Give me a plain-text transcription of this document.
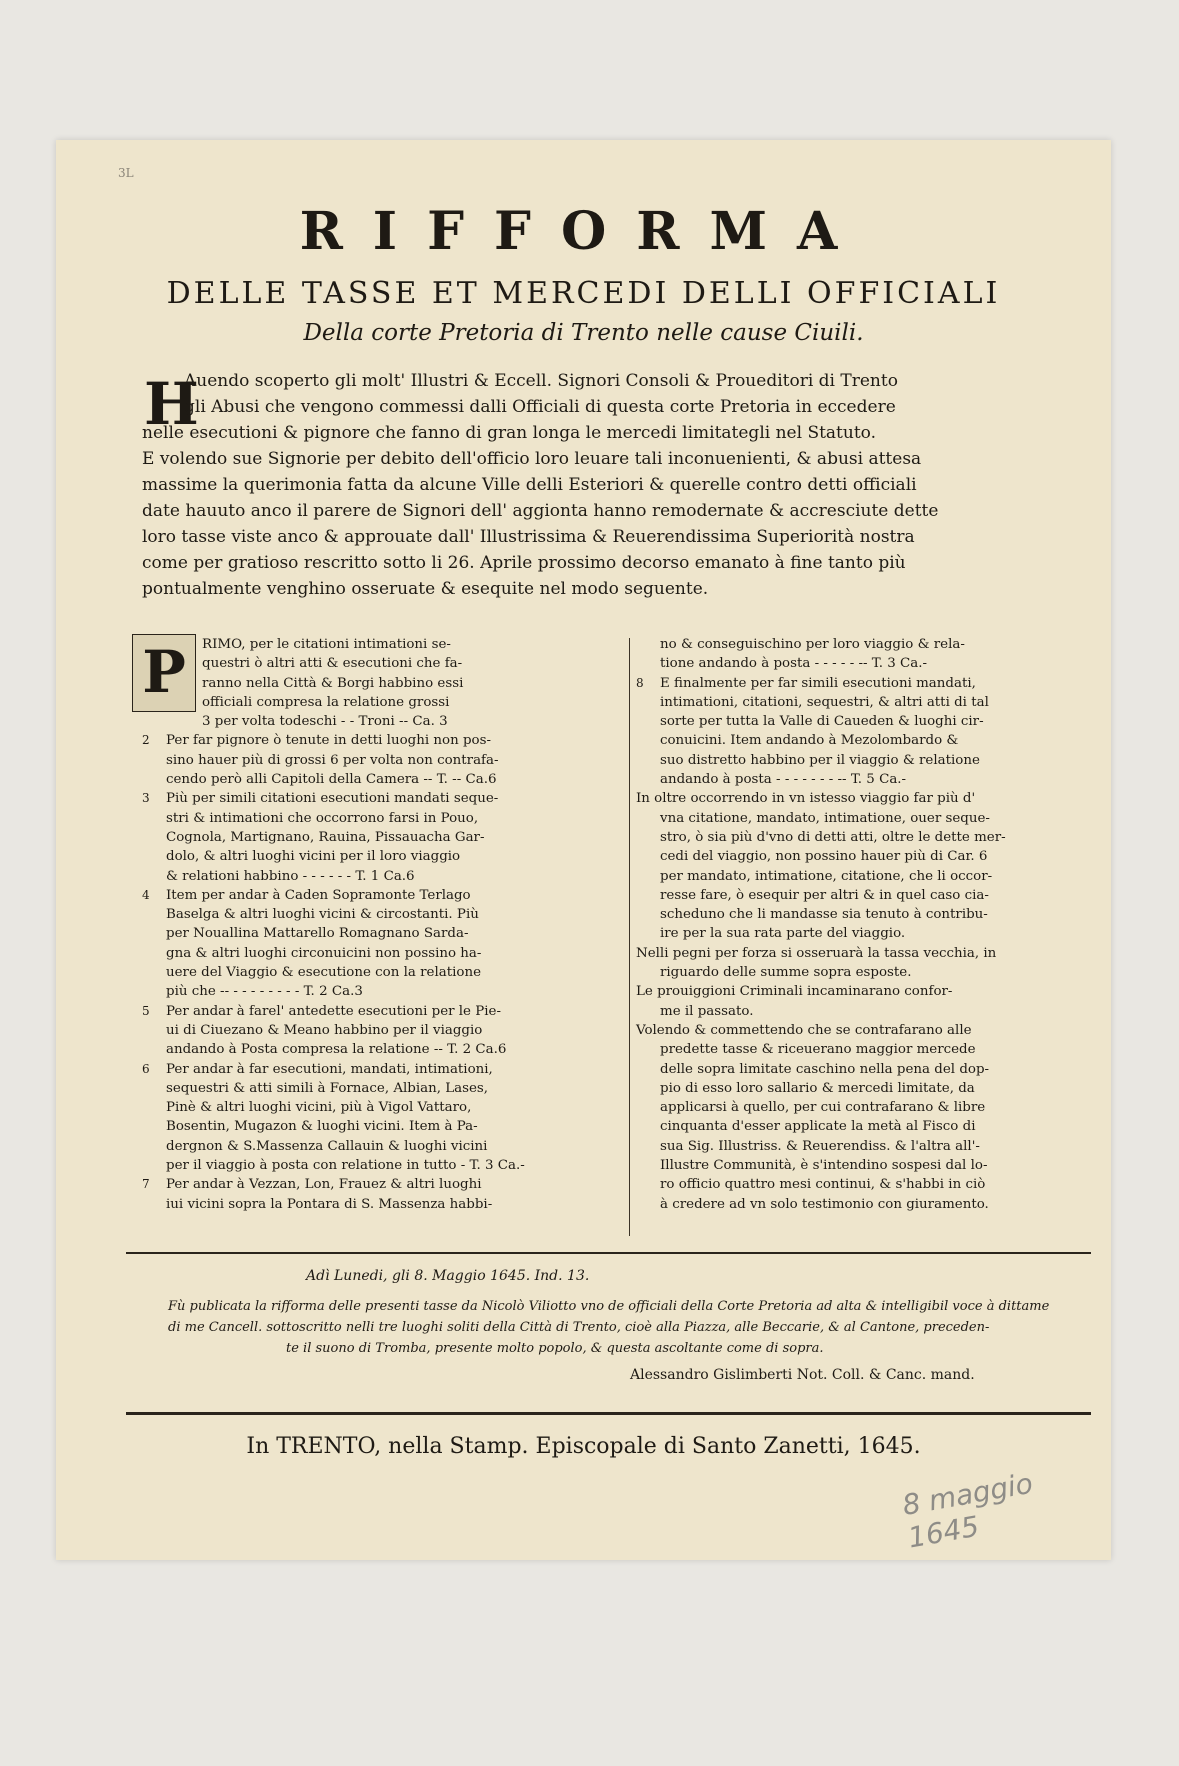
3L
RIFFORMA
DELLE TASSE ET MERCEDI DELLI OFFICIALI
Della corte Pretoria di Trento nelle cause Ciuili.
H

Auendo scoperto gli molt' Illustri & Eccell. Signori Consoli & Proueditori di Trento

gli Abusi che vengono commessi dalli Officiali di questa corte Pretoria in eccedere

nelle esecutioni & pignore che fanno di gran longa le mercedi limitategli nel Statuto.

E volendo sue Signorie per debito dell'officio loro leuare tali inconuenienti, & abusi attesa

massime la querimonia fatta da alcune Ville delli Esteriori & querelle contro detti officiali

date hauuto anco il parere de Signori dell' aggionta hanno remodernate & accresciute dette

loro tasse viste anco & approuate dall' Illustrissima & Reuerendissima Superiorità nostra

come per gratioso rescritto sotto li 26. Aprile prossimo decorso emanato à fine tanto più

pontualmente venghino osseruate & esequite nel modo seguente.

P	RIMO, per le citationi intimationi se-

questri ò altri atti & esecutioni che fa-

ranno nella Città & Borgi habbino essi

officiali compresa la relatione grossi

3 per volta todeschi - - Troni -- Ca. 3

2 Per far pignore ò tenute in detti luoghi non pos-

sino hauer più di grossi 6 per volta non contrafa-

cendo però alli Capitoli della Camera -- T. -- Ca.6

3 Più per simili citationi esecutioni mandati seque-

stri & intimationi che occorrono farsi in Pouo,

Cognola, Martignano, Rauina, Pissauacha Gar-

dolo, & altri luoghi vicini per il loro viaggio

& relationi habbino - - - - - - T. 1 Ca.6

4 Item per andar à Caden Sopramonte Terlago

Baselga & altri luoghi vicini & circostanti. Più

per Nouallina Mattarello Romagnano Sarda-

gna & altri luoghi circonuicini non possino ha-

uere del Viaggio & esecutione con la relatione

più che -- - - - - - - - - T. 2 Ca.3

5 Per andar à farel' antedette esecutioni per le Pie-

ui di Ciuezano & Meano habbino per il viaggio

andando à Posta compresa la relatione -- T. 2 Ca.6

6 Per andar à far esecutioni, mandati, intimationi,

sequestri & atti simili à Fornace, Albian, Lases,

Pinè & altri luoghi vicini, più à Vigol Vattaro,

Bosentin, Mugazon & luoghi vicini. Item à Pa-

dergnon & S.Massenza Callauin & luoghi vicini

per il viaggio à posta con relatione in tutto - T. 3 Ca.-

7 Per andar à Vezzan, Lon, Frauez & altri luoghi

iui vicini sopra la Pontara di S. Massenza habbi-

no & conseguischino per loro viaggio & rela-

tione andando à posta - - - - - -- T. 3 Ca.-

8 E finalmente per far simili esecutioni mandati,

intimationi, citationi, sequestri, & altri atti di tal

sorte per tutta la Valle di Caueden & luoghi cir-

conuicini. Item andando à Mezolombardo &

suo distretto habbino per il viaggio & relatione

andando à posta - - - - - - - -- T. 5 Ca.-

In oltre occorrendo in vn istesso viaggio far più d'

vna citatione, mandato, intimatione, ouer seque-

stro, ò sia più d'vno di detti atti, oltre le dette mer-

cedi del viaggio, non possino hauer più di Car. 6

per mandato, intimatione, citatione, che li occor-

resse fare, ò esequir per altri & in quel caso cia-

scheduno che li mandasse sia tenuto à contribu-

ire per la sua rata parte del viaggio.

Nelli pegni per forza si osseruarà la tassa vecchia, in

riguardo delle summe sopra esposte.

Le prouiggioni Criminali incaminarano confor-

me il passato.

Volendo & commettendo che se contrafarano alle

predette tasse & riceuerano maggior mercede

delle sopra limitate caschino nella pena del dop-

pio di esso loro sallario & mercedi limitate, da

applicarsi à quello, per cui contrafarano & libre

cinquanta d'esser applicate la metà al Fisco di

sua Sig. Illustriss. & Reuerendiss. & l'altra all'-

Illustre Communità, è s'intendino sospesi dal lo-

ro officio quattro mesi continui, & s'habbi in ciò

à credere ad vn solo testimonio con giuramento.

Adì Lunedi, gli 8. Maggio 1645. Ind. 13.
Fù publicata la rifforma delle presenti tasse da Nicolò Viliotto vno de officiali della Corte Pretoria ad alta & intelligibil voce à dittame
di me Cancell. sottoscritto nelli tre luoghi soliti della Città di Trento, cioè alla Piazza, alle Beccarie, & al Cantone, preceden-
te il suono di Tromba, presente molto popolo, & questa ascoltante come di sopra.
Alessandro Gislimberti Not. Coll. & Canc. mand.
In TRENTO, nella Stamp. Episcopale di Santo Zanetti, 1645.
8 maggio 1645
